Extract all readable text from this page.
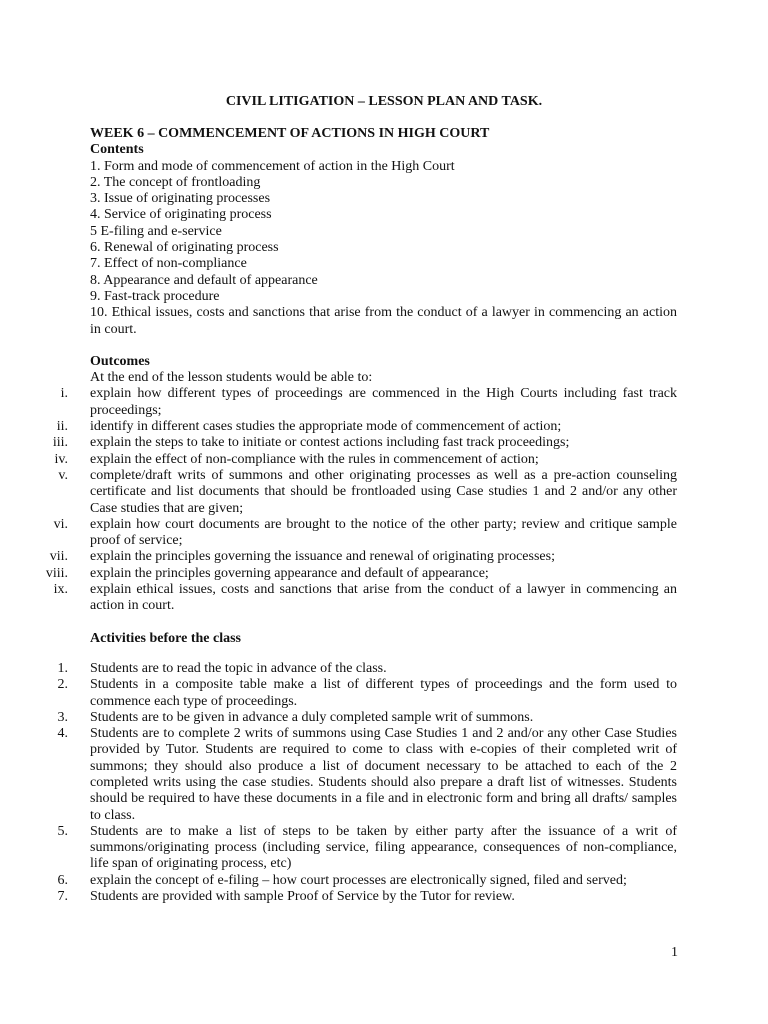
CIVIL LITIGATION – LESSON PLAN AND TASK.
WEEK 6 – COMMENCEMENT OF ACTIONS IN HIGH COURT
Contents
1. Form and mode of commencement of action in the High Court
2. The concept of frontloading
3. Issue of originating processes
4. Service of originating process
5 E-filing and e-service
6. Renewal of originating process
7. Effect of non-compliance
8. Appearance and default of appearance
9. Fast-track procedure
10. Ethical issues, costs and sanctions that arise from the conduct of a lawyer in commencing an action in court.
Outcomes
At the end of the lesson students would be able to:
i. explain how different types of proceedings are commenced in the High Courts including fast track proceedings;
ii. identify in different cases studies the appropriate mode of commencement of action;
iii. explain the steps to take to initiate or contest actions including fast track proceedings;
iv. explain the effect of non-compliance with the rules in commencement of action;
v. complete/draft writs of summons and other originating processes as well as a pre-action counseling certificate and list documents that should be frontloaded using Case studies 1 and 2 and/or any other Case studies that are given;
vi. explain how court documents are brought to the notice of the other party; review and critique sample proof of service;
vii. explain the principles governing the issuance and renewal of originating processes;
viii. explain the principles governing appearance and default of appearance;
ix. explain ethical issues, costs and sanctions that arise from the conduct of a lawyer in commencing an action in court.
Activities before the class
1. Students are to read the topic in advance of the class.
2. Students in a composite table make a list of different types of proceedings and the form used to commence each type of proceedings.
3. Students are to be given in advance a duly completed sample writ of summons.
4. Students are to complete 2 writs of summons using Case Studies 1 and 2 and/or any other Case Studies provided by Tutor. Students are required to come to class with e-copies of their completed writ of summons; they should also produce a list of document necessary to be attached to each of the 2 completed writs using the case studies. Students should also prepare a draft list of witnesses. Students should be required to have these documents in a file and in electronic form and bring all drafts/ samples to class.
5. Students are to make a list of steps to be taken by either party after the issuance of a writ of summons/originating process (including service, filing appearance, consequences of non-compliance, life span of originating process, etc)
6. explain the concept of e-filing – how court processes are electronically signed, filed and served;
7. Students are provided with sample Proof of Service by the Tutor for review.
1
